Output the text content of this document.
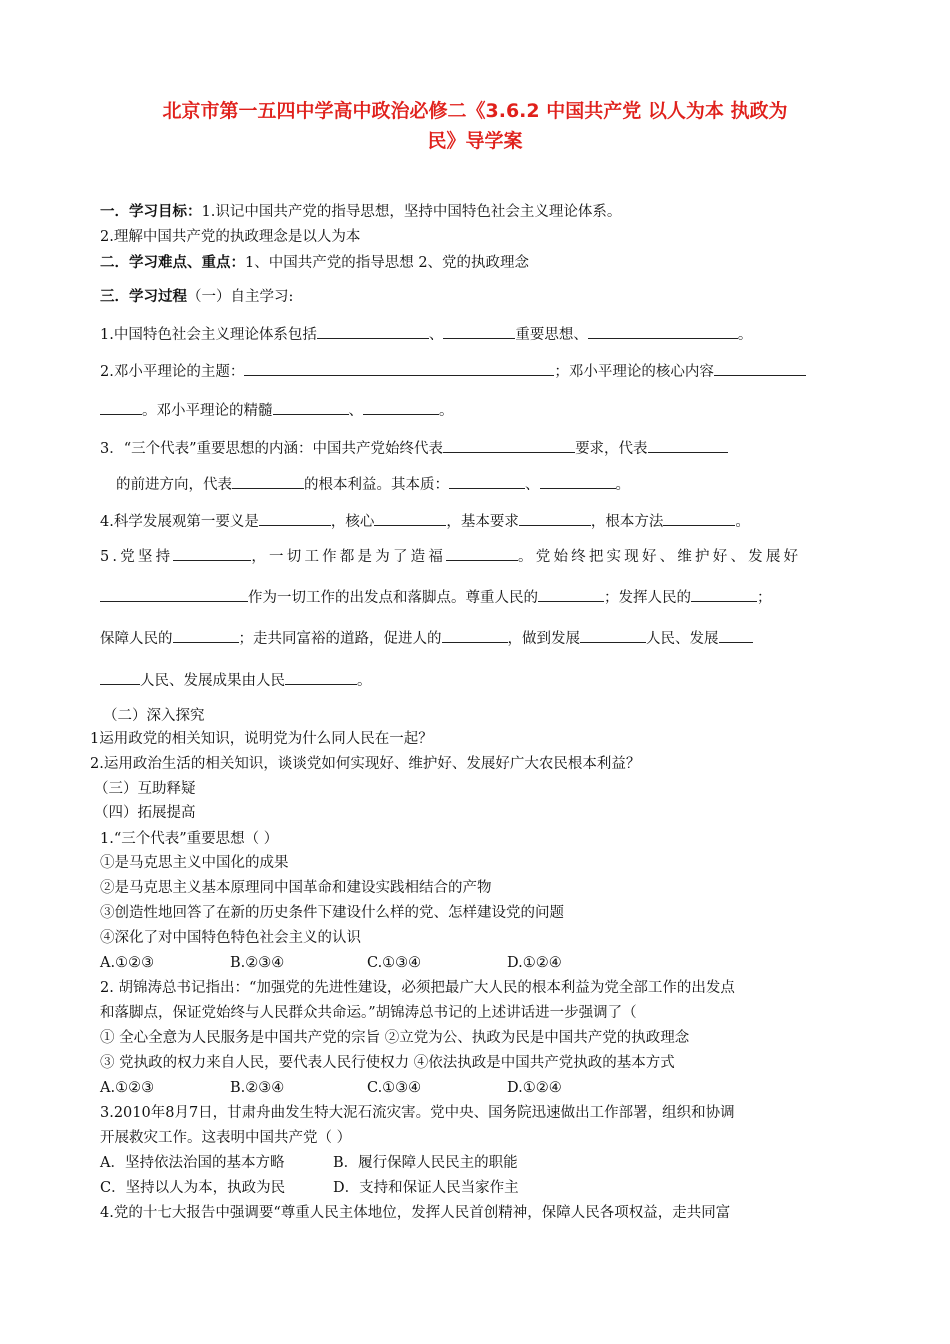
北京市第一五四中学高中政治必修二《3.6.2 中国共产党 以人为本 执政为
民》导学案
一．学习目标：1.识记中国共产党的指导思想，坚持中国特色社会主义理论体系。
2.理解中国共产党的执政理念是以人为本
二．学习难点、重点：1、中国共产党的指导思想 2、党的执政理念
三．学习过程（一）自主学习:
1.中国特色社会主义理论体系包括	、	重要思想、	。
2.邓小平理论的主题：	；邓小平理论的核心内容
。邓小平理论的精髓	、	。
3．“三个代表”重要思想的内涵：中国共产党始终代表	要求，代表
的前进方向，代表	的根本利益。其本质：	、	。
4.科学发展观第一要义是	，核心	，基本要求	，根本方法	。
5.党坚持	，一切工作都是为了造福	。党始终把实现好、维护好、发展好
作为一切工作的出发点和落脚点。尊重人民的	；发挥人民的	；
保障人民的	；走共同富裕的道路，促进人的	，做到发展	人民、发展
人民、发展成果由人民	。
（二）深入探究
1运用政党的相关知识，说明党为什么同人民在一起？
2.运用政治生活的相关知识，谈谈党如何实现好、维护好、发展好广大农民根本利益？
（三）互助释疑
（四）拓展提高
1.“三个代表”重要思想（ ）
①是马克思主义中国化的成果
②是马克思主义基本原理同中国革命和建设实践相结合的产物
③创造性地回答了在新的历史条件下建设什么样的党、怎样建设党的问题
④深化了对中国特色特色社会主义的认识
A.①②③	B.②③④	C.①③④	D.①②④
2. 胡锦涛总书记指出：“加强党的先进性建设，必须把最广大人民的根本利益为党全部工作的出发点
和落脚点，保证党始终与人民群众共命运。”胡锦涛总书记的上述讲话进一步强调了（
① 全心全意为人民服务是中国共产党的宗旨 ②立党为公、执政为民是中国共产党的执政理念
③ 党执政的权力来自人民，要代表人民行使权力 ④依法执政是中国共产党执政的基本方式
A.①②③	B.②③④	C.①③④	D.①②④
3.2010年8月7日，甘肃舟曲发生特大泥石流灾害。党中央、国务院迅速做出工作部署，组织和协调
开展救灾工作。这表明中国共产党（ ）
A．坚持依法治国的基本方略	B．履行保障人民民主的职能
C．坚持以人为本，执政为民	D．支持和保证人民当家作主
4.党的十七大报告中强调要“尊重人民主体地位，发挥人民首创精神，保障人民各项权益，走共同富
